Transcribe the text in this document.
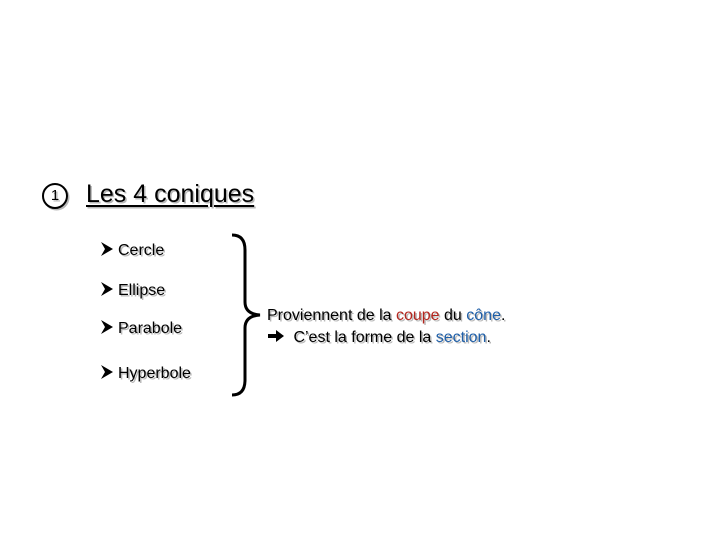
1 Les 4 coniques
Cercle
Ellipse
Parabole
Hyperbole
Proviennent de la coupe du cône.
C’est la forme de la section.
